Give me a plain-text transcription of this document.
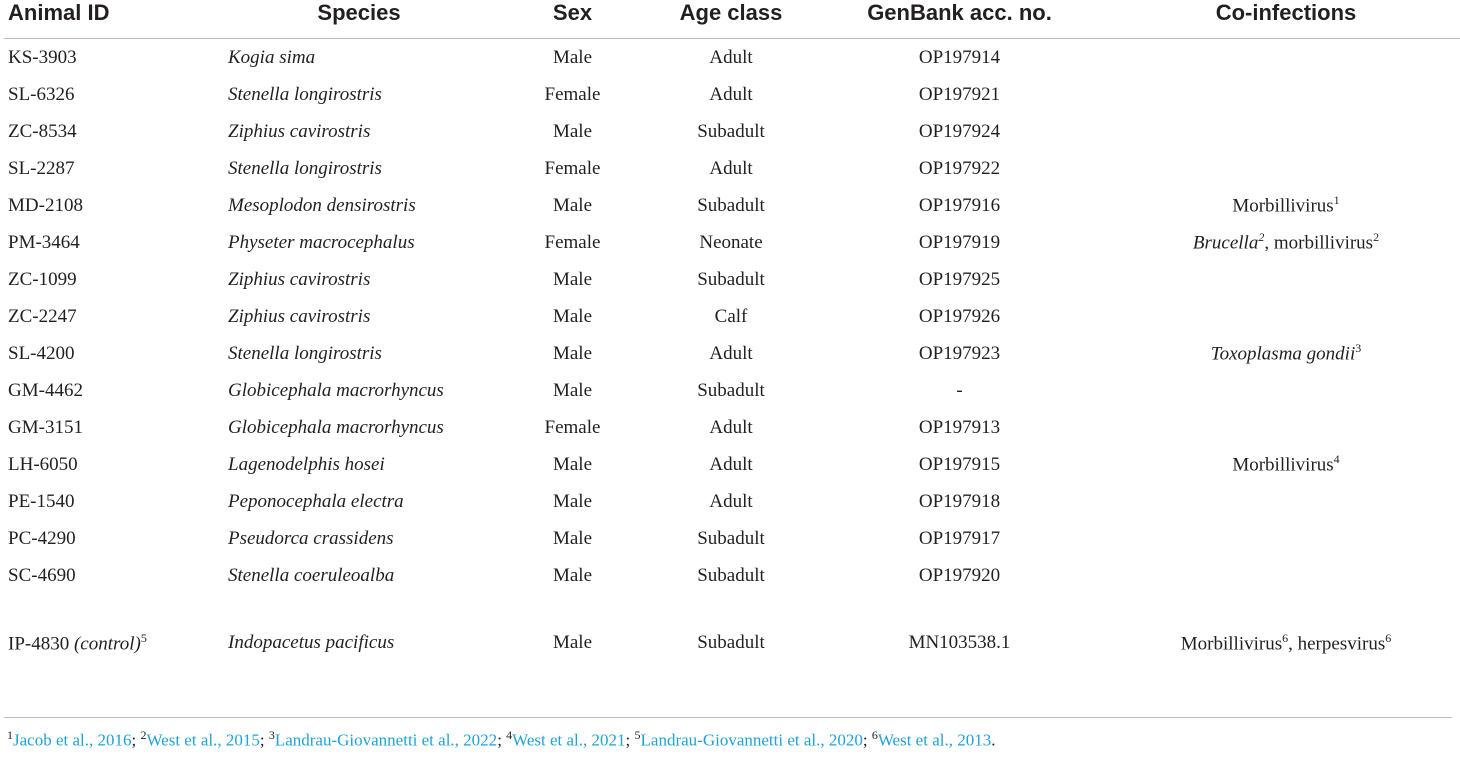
Animal ID	Species	Sex	Age class	GenBank acc. no.	Co-infections
KS-3903	Kogia sima	Male	Adult	OP197914	
SL-6326	Stenella longirostris	Female	Adult	OP197921	
ZC-8534	Ziphius cavirostris	Male	Subadult	OP197924	
SL-2287	Stenella longirostris	Female	Adult	OP197922	
MD-2108	Mesoplodon densirostris	Male	Subadult	OP197916	Morbillivirus$^1$
PM-3464	Physeter macrocephalus	Female	Neonate	OP197919	Brucella$^2$, morbillivirus$^2$
ZC-1099	Ziphius cavirostris	Male	Subadult	OP197925	
ZC-2247	Ziphius cavirostris	Male	Calf	OP197926	
SL-4200	Stenella longirostris	Male	Adult	OP197923	Toxoplasma gondii$^3$
GM-4462	Globicephala macrorhyncus	Male	Subadult	-	
GM-3151	Globicephala macrorhyncus	Female	Adult	OP197913	
LH-6050	Lagenodelphis hosei	Male	Adult	OP197915	Morbillivirus$^4$
PE-1540	Peponocephala electra	Male	Adult	OP197918	
PC-4290	Pseudorca crassidens	Male	Subadult	OP197917	
SC-4690	Stenella coeruleoalba	Male	Subadult	OP197920	

IP-4830 (control)$^5$	Indopacetus pacificus	Male	Subadult	MN103538.1	Morbillivirus$^6$, herpesvirus$^6$
$^1$Jacob et al., 2016; $^2$West et al., 2015; $^3$Landrau-Giovannetti et al., 2022; $^4$West et al., 2021; $^5$Landrau-Giovannetti et al., 2020; $^6$West et al., 2013.
